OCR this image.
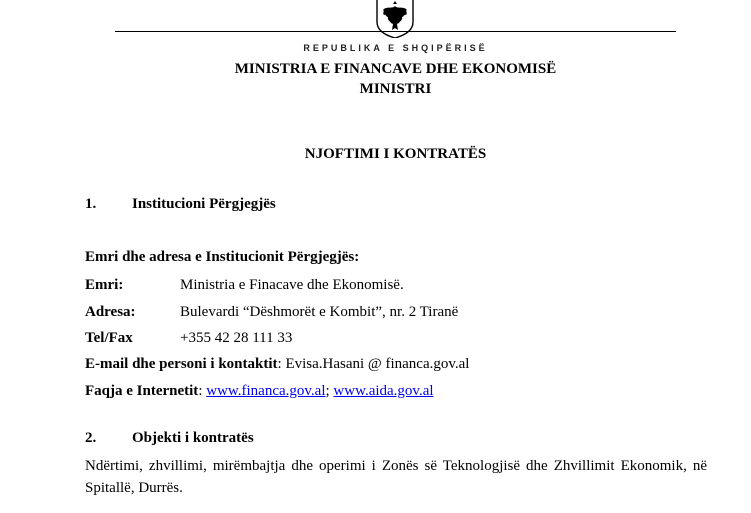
REPUBLIKA E SHQIPËRISË
MINISTRIA E FINANCAVE DHE EKONOMISË
MINISTRI
NJOFTIMI I KONTRATËS
1. Institucioni Përgjegjës
Emri dhe adresa e Institucionit Përgjegjës:
Emri:	Ministria e Finacave dhe Ekonomisë.
Adresa:	Bulevardi “Dëshmorët e Kombit”, nr. 2 Tiranë
Tel/Fax	+355 42 28 111 33
E-mail dhe personi i kontaktit: Evisa.Hasani @ financa.gov.al
Faqja e Internetit: www.financa.gov.al; www.aida.gov.al
2. Objekti i kontratës
Ndërtimi, zhvillimi, mirëmbajtja dhe operimi i Zonës së Teknologjisë dhe Zhvillimit Ekonomik, në Spitallë, Durrës.
